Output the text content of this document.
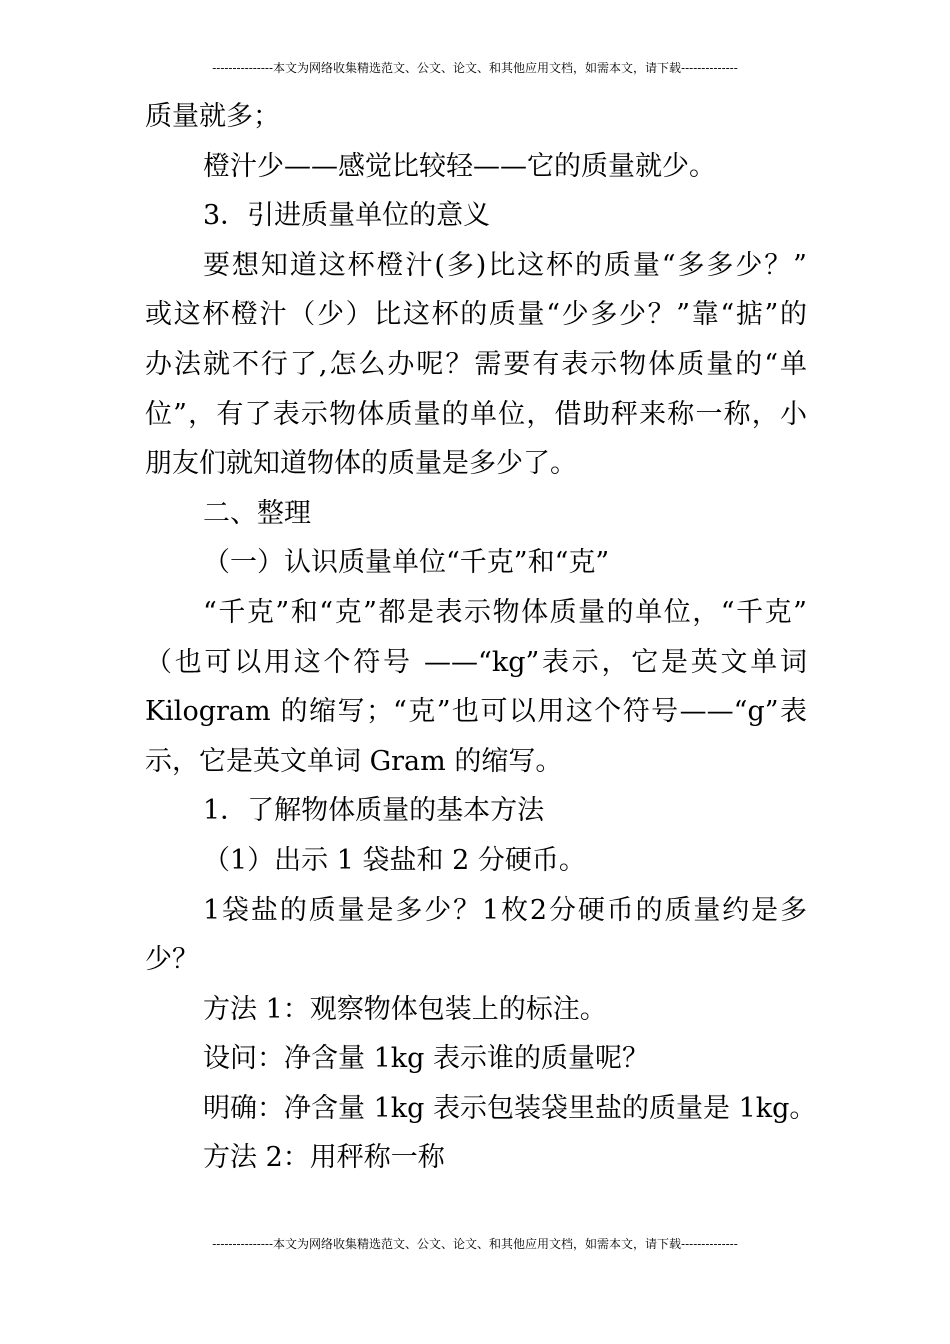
---------------本文为网络收集精选范文、公文、论文、和其他应用文档，如需本文，请下载--------------
质量就多；
橙汁少——感觉比较轻——它的质量就少。
3．引进质量单位的意义
要想知道这杯橙汁(多)比这杯的质量“多多少？”
或这杯橙汁（少）比这杯的质量“少多少？”靠“掂”的
办法就不行了,怎么办呢？需要有表示物体质量的“单
位”，有了表示物体质量的单位，借助秤来称一称，小
朋友们就知道物体的质量是多少了。
二、整理
（一）认识质量单位“千克”和“克”
“千克”和“克”都是表示物体质量的单位，“千克”
（也可以用这个符号 ——“kg”表示，它是英文单词
Kilogram 的缩写；“克”也可以用这个符号——“g”表
示，它是英文单词 Gram 的缩写。
1．了解物体质量的基本方法
（1）出示 1 袋盐和 2 分硬币。
1袋盐的质量是多少？1枚2分硬币的质量约是多
少？
方法 1：观察物体包装上的标注。
设问：净含量 1kg 表示谁的质量呢？
明确：净含量 1kg 表示包装袋里盐的质量是 1kg。
方法 2：用秤称一称
---------------本文为网络收集精选范文、公文、论文、和其他应用文档，如需本文，请下载--------------
